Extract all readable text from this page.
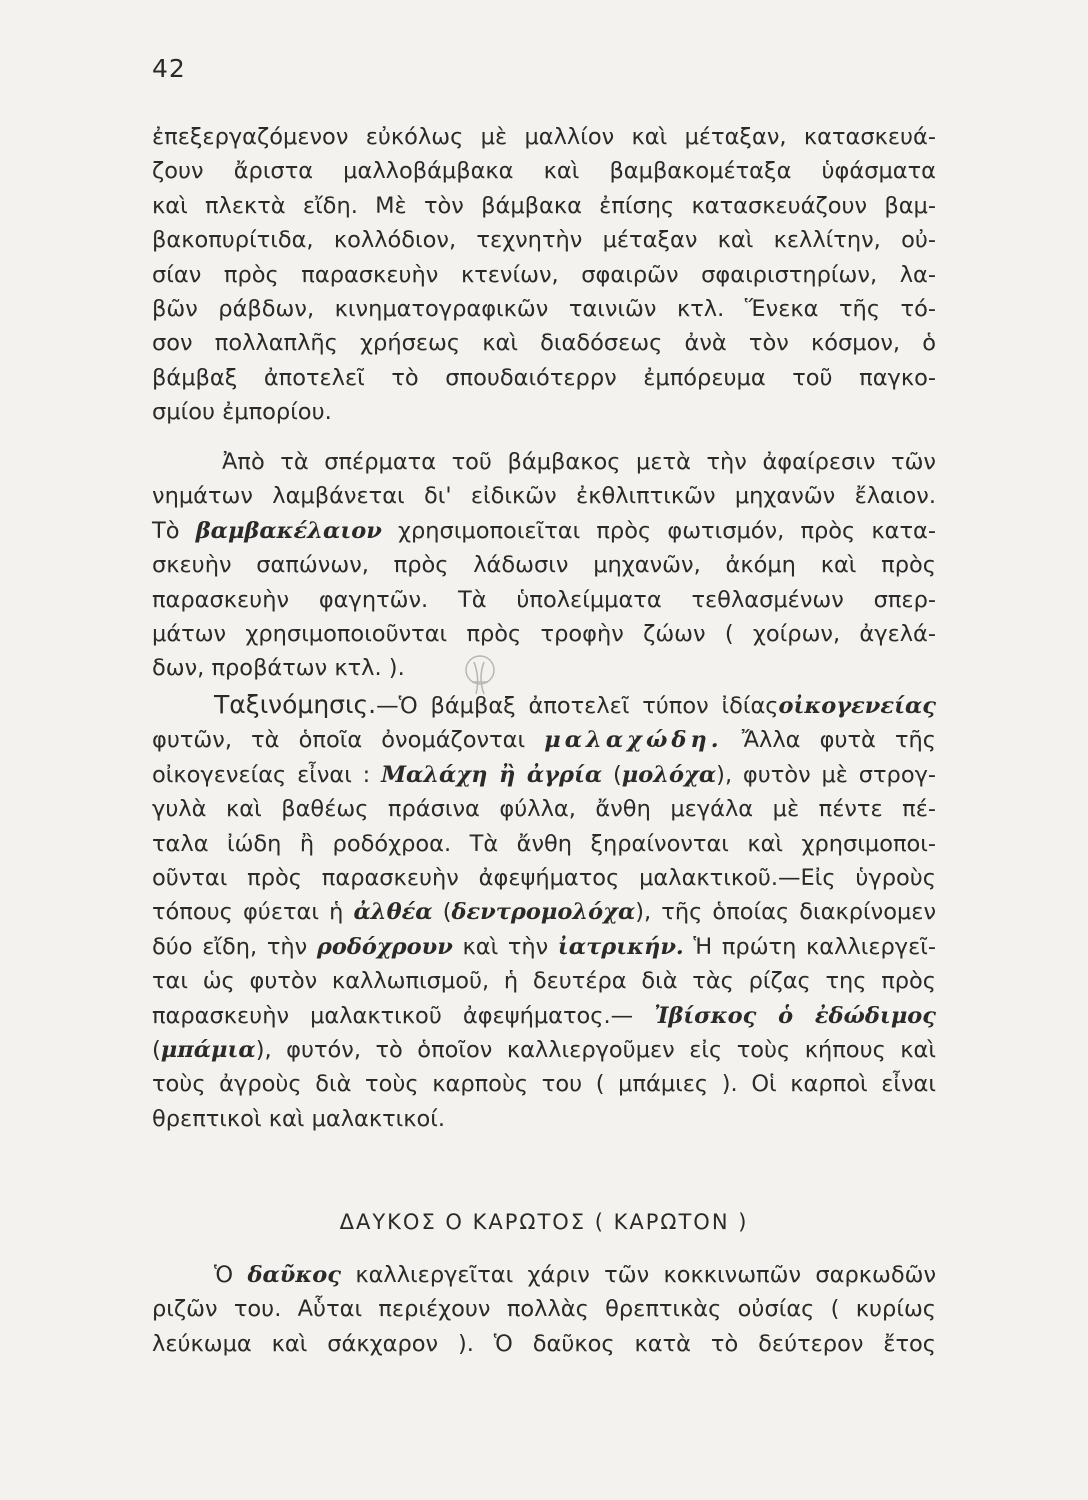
42
ἐπεξεργαζόμενον εὐκόλως μὲ μαλλίον καὶ μέταξαν, κατασκευά-
ζουν ἄριστα μαλλοβάμβακα καὶ βαμβακομέταξα ὑφάσματα
καὶ πλεκτὰ εἴδη. Μὲ τὸν βάμβακα ἐπίσης κατασκευάζουν βαμ-
βακοπυρίτιδα, κολλόδιον, τεχνητὴν μέταξαν καὶ κελλίτην, οὐ-
σίαν πρὸς παρασκευὴν κτενίων, σφαιρῶν σφαιριστηρίων, λα-
βῶν ράβδων, κινηματογραφικῶν ταινιῶν κτλ. Ἕνεκα τῆς τό-
σον πολλαπλῆς χρήσεως καὶ διαδόσεως ἀνὰ τὸν κόσμον, ὁ
βάμβαξ ἀποτελεῖ τὸ σπουδαιότερρν ἐμπόρευμα τοῦ παγκο-
σμίου ἐμπορίου.
Ἀπὸ τὰ σπέρματα τοῦ βάμβακος μετὰ τὴν ἀφαίρεσιν τῶν
νημάτων λαμβάνεται δι' εἰδικῶν ἐκθλιπτικῶν μηχανῶν ἔλαιον.
Τὸ βαμβακέλαιον χρησιμοποιεῖται πρὸς φωτισμόν, πρὸς κατα-
σκευὴν σαπώνων, πρὸς λάδωσιν μηχανῶν, ἀκόμη καὶ πρὸς
παρασκευὴν φαγητῶν. Τὰ ὑπολείμματα τεθλασμένων σπερ-
μάτων χρησιμοποιοῦνται πρὸς τροφὴν ζώων ( χοίρων, ἀγελά-
δων, προβάτων κτλ. ).
Ταξινόμησις.—Ὁ βάμβαξ ἀποτελεῖ τύπον ἰδίαςοἰκογενείας
φυτῶν, τὰ ὁποῖα ὀνομάζονται μαλαχώδη. Ἄλλα φυτὰ τῆς
οἰκογενείας εἶναι : Μαλάχη ἢ ἀγρία (μολόχα), φυτὸν μὲ στρογ-
γυλὰ καὶ βαθέως πράσινα φύλλα, ἄνθη μεγάλα μὲ πέντε πέ-
ταλα ἰώδη ἢ ροδόχροα. Τὰ ἄνθη ξηραίνονται καὶ χρησιμοποι-
οῦνται πρὸς παρασκευὴν ἀφεψήματος μαλακτικοῦ.—Εἰς ὑγροὺς
τόπους φύεται ἡ ἀλθέα (δεντρομολόχα), τῆς ὁποίας διακρίνομεν
δύο εἴδη, τὴν ροδόχρουν καὶ τὴν ἰατρικήν. Ἡ πρώτη καλλιεργεῖ-
ται ὡς φυτὸν καλλωπισμοῦ, ἡ δευτέρα διὰ τὰς ρίζας της πρὸς
παρασκευὴν μαλακτικοῦ ἀφεψήματος.— Ἰβίσκος ὁ ἐδώδιμος
(μπάμια), φυτόν, τὸ ὁποῖον καλλιεργοῦμεν εἰς τοὺς κήπους καὶ
τοὺς ἀγροὺς διὰ τοὺς καρποὺς του ( μπάμιες ). Οἱ καρποὶ εἶναι
θρεπτικοὶ καὶ μαλακτικοί.
ΔΑΥΚΟΣ Ο ΚΑΡΩΤΟΣ ( ΚΑΡΩΤΟΝ )
Ὁ δαῦκος καλλιεργεῖται χάριν τῶν κοκκινωπῶν σαρκωδῶν
ριζῶν του. Αὗται περιέχουν πολλὰς θρεπτικὰς οὐσίας ( κυρίως
λεύκωμα καὶ σάκχαρον ). Ὁ δαῦκος κατὰ τὸ δεύτερον ἔτος
